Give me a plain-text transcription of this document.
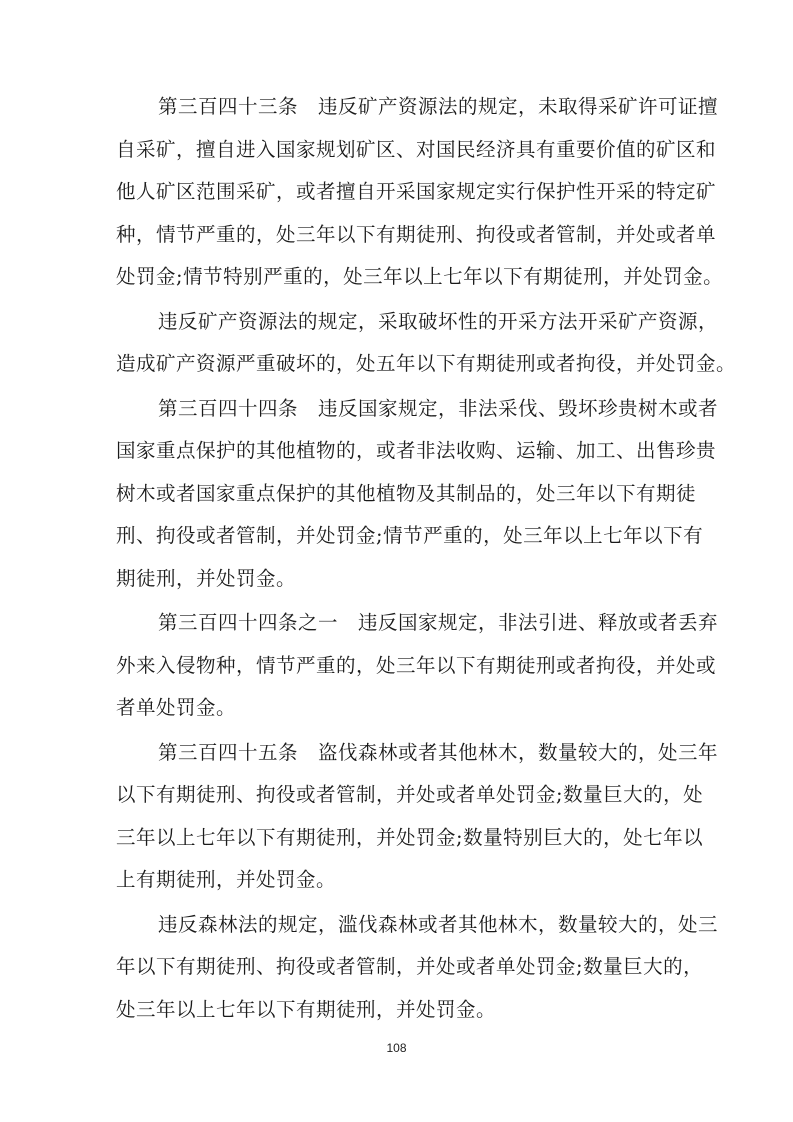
第三百四十三条　违反矿产资源法的规定，未取得采矿许可证擅
自采矿，擅自进入国家规划矿区、对国民经济具有重要价值的矿区和
他人矿区范围采矿，或者擅自开采国家规定实行保护性开采的特定矿
种，情节严重的，处三年以下有期徒刑、拘役或者管制，并处或者单
处罚金;情节特别严重的，处三年以上七年以下有期徒刑，并处罚金。

违反矿产资源法的规定，采取破坏性的开采方法开采矿产资源，
造成矿产资源严重破坏的，处五年以下有期徒刑或者拘役，并处罚金。

第三百四十四条　违反国家规定，非法采伐、毁坏珍贵树木或者
国家重点保护的其他植物的，或者非法收购、运输、加工、出售珍贵
树木或者国家重点保护的其他植物及其制品的，处三年以下有期徒
刑、拘役或者管制，并处罚金;情节严重的，处三年以上七年以下有
期徒刑，并处罚金。

第三百四十四条之一　违反国家规定，非法引进、释放或者丢弃
外来入侵物种，情节严重的，处三年以下有期徒刑或者拘役，并处或
者单处罚金。

第三百四十五条　盗伐森林或者其他林木，数量较大的，处三年
以下有期徒刑、拘役或者管制，并处或者单处罚金;数量巨大的，处
三年以上七年以下有期徒刑，并处罚金;数量特别巨大的，处七年以
上有期徒刑，并处罚金。

违反森林法的规定，滥伐森林或者其他林木，数量较大的，处三
年以下有期徒刑、拘役或者管制，并处或者单处罚金;数量巨大的，
处三年以上七年以下有期徒刑，并处罚金。

108
